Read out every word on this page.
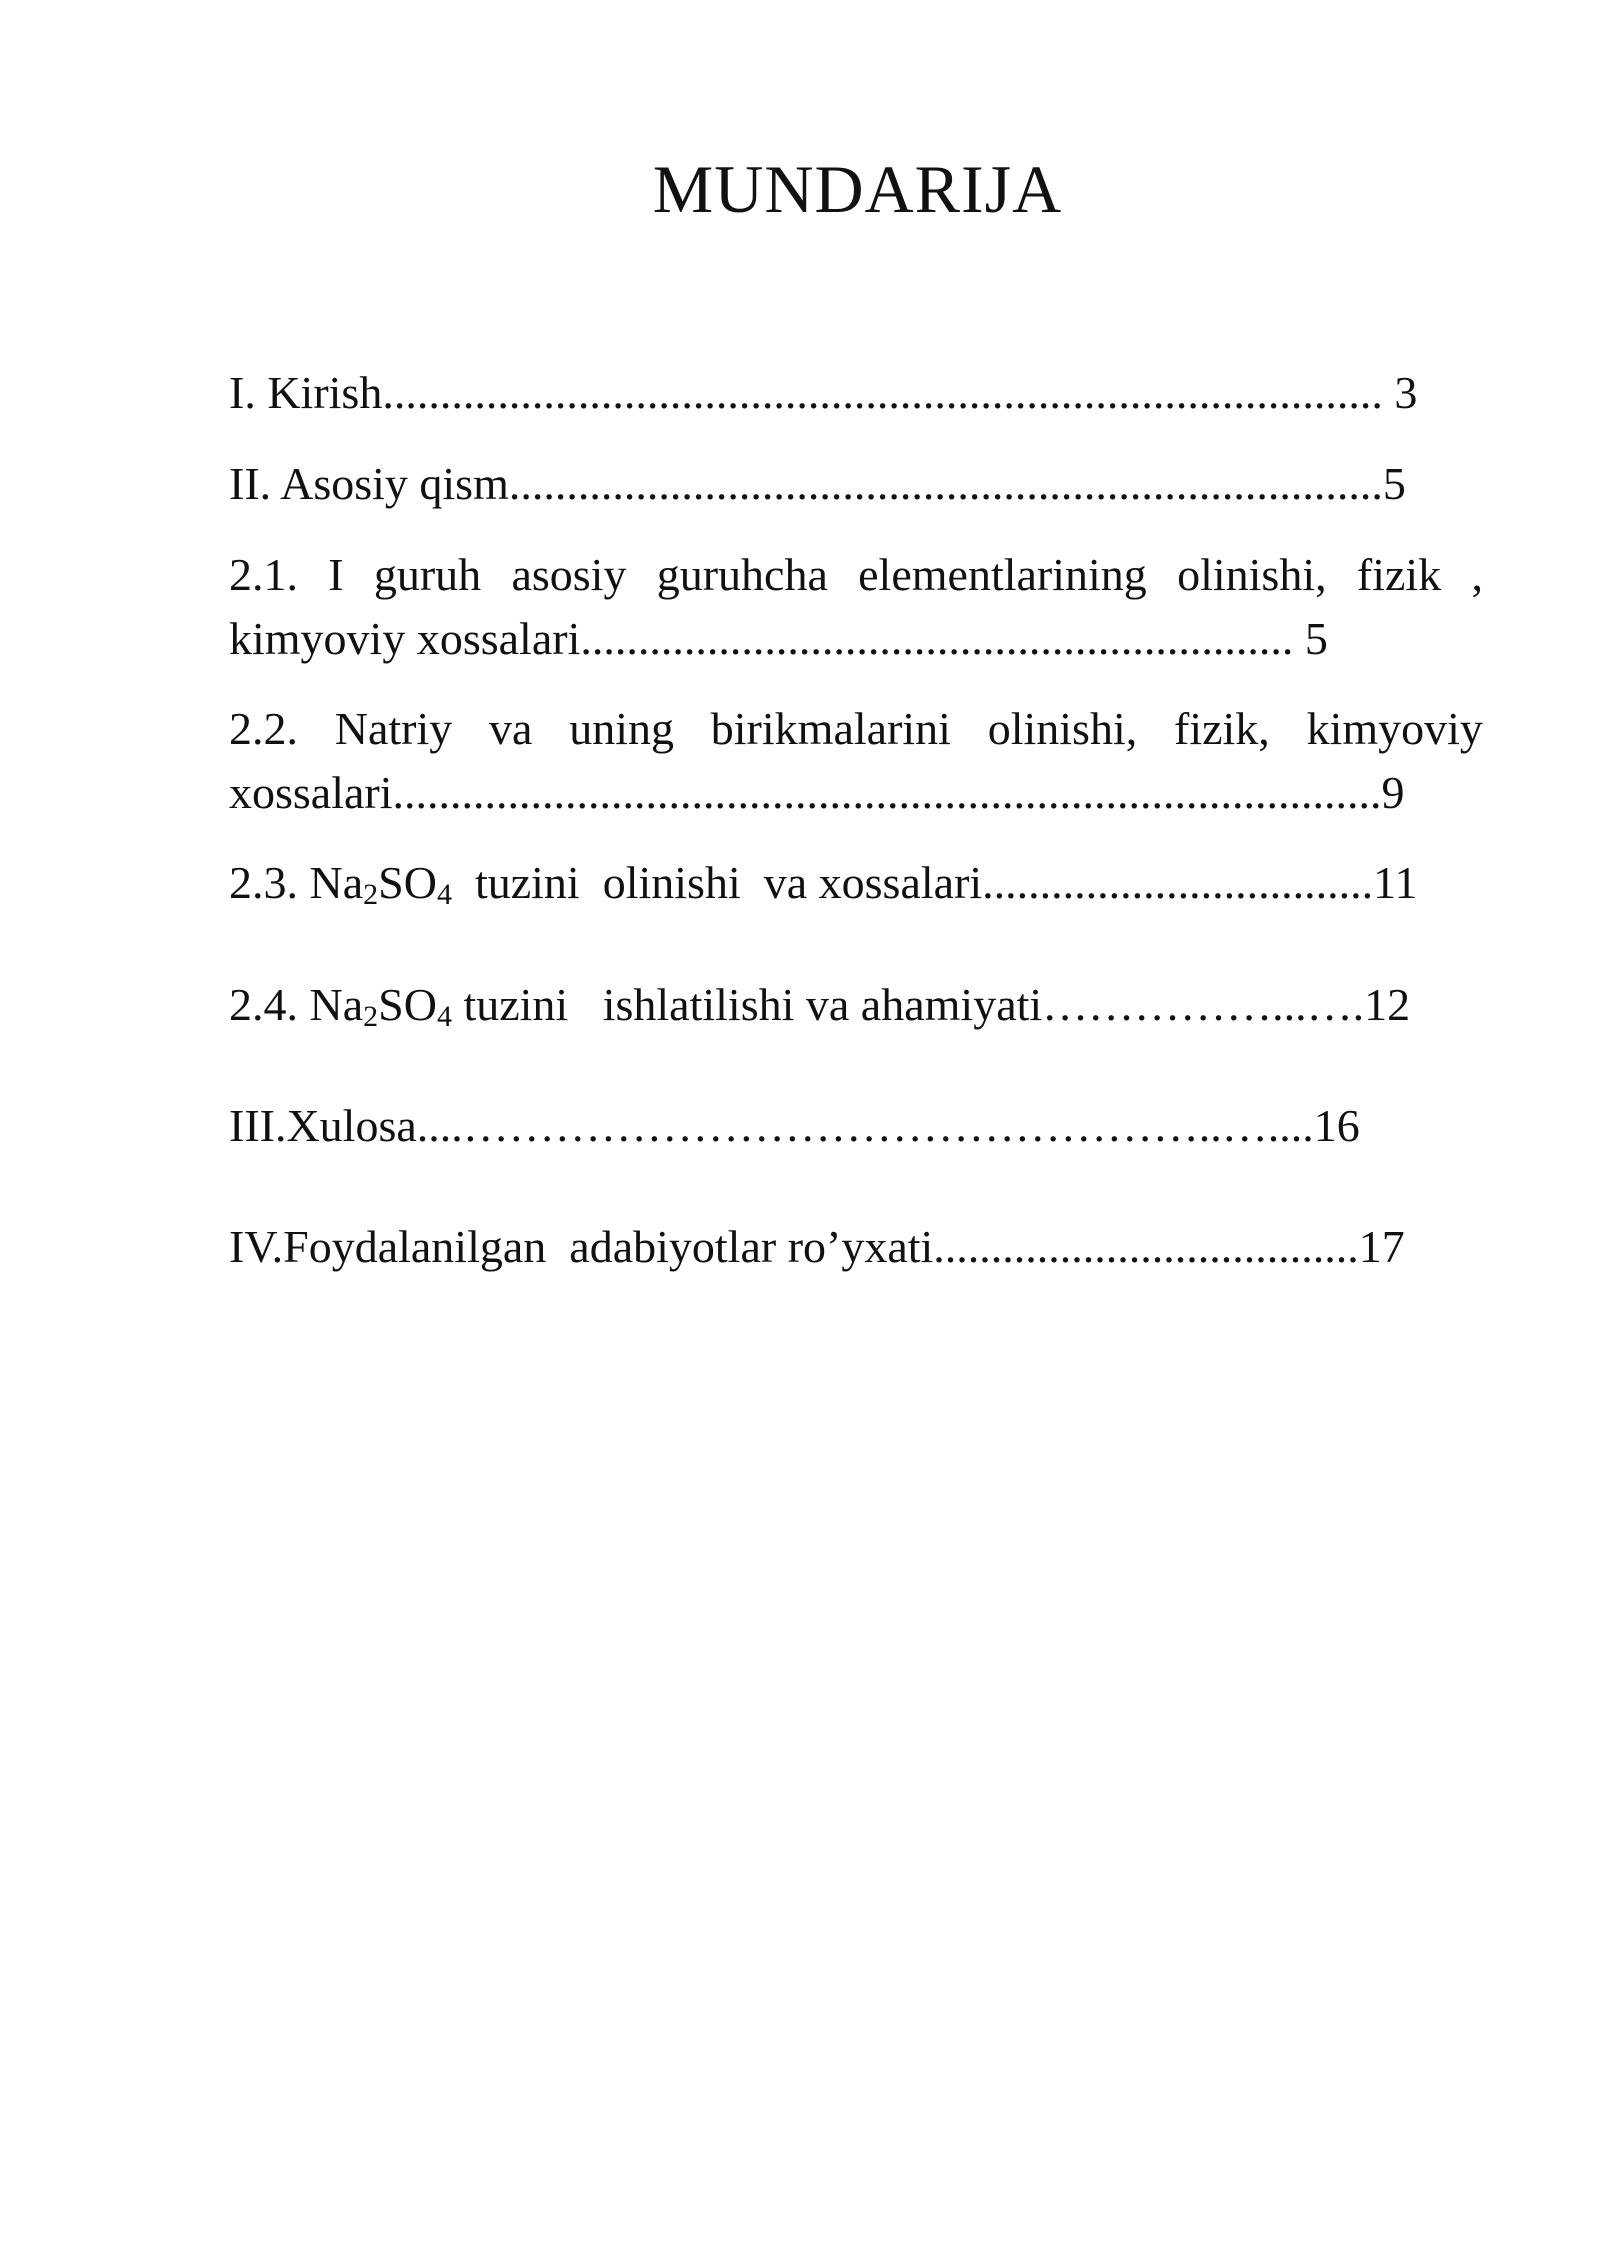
MUNDARIJA
I. Kirish....................................................................................... 3
II. Asosiy qism............................................................................5
2.1. I guruh asosiy guruhcha elementlarining olinishi, fizik ,
kimyoviy xossalari.............................................................. 5
2.2. Natriy va uning birikmalarini olinishi, fizik, kimyoviy
xossalari......................................................................................9
2.3. $Na_2SO_4$  tuzini  olinishi  va xossalari..................................11
2.4. $Na_2SO_4$ tuzini   ishlatilishi va ahamiyati……………...….12
III.Xulosa....…………………………………………..…....16
IV.Foydalanilgan  adabiyotlar ro’yxati.....................................17
